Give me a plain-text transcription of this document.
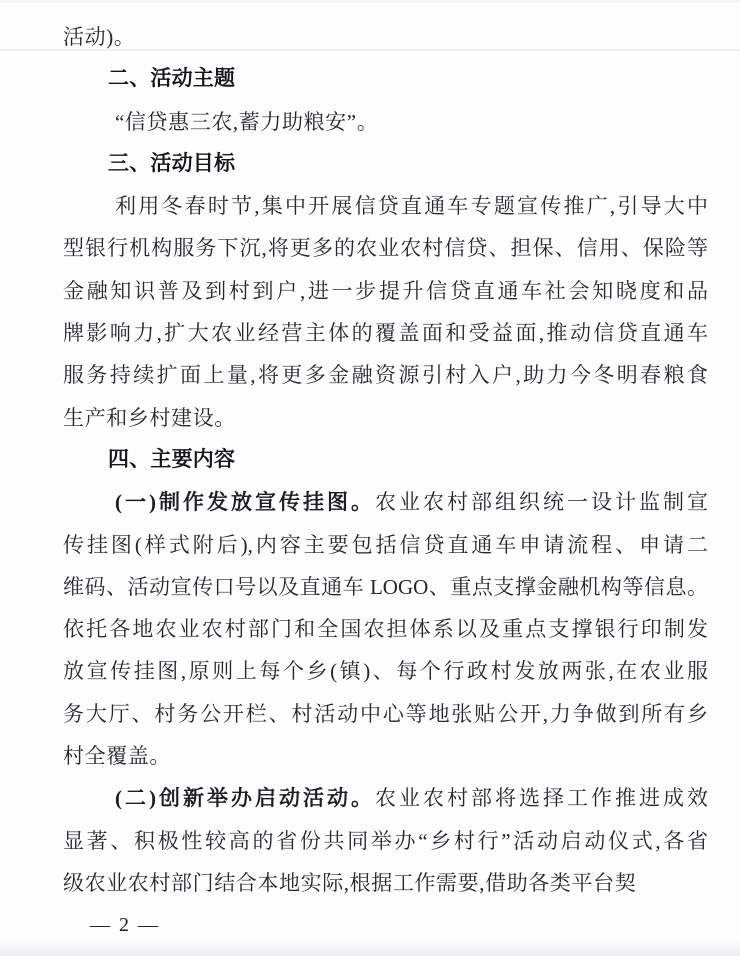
活动)。
二、活动主题
“信贷惠三农,蓄力助粮安”。
三、活动目标
利用冬春时节,集中开展信贷直通车专题宣传推广,引导大中
型银行机构服务下沉,将更多的农业农村信贷、担保、信用、保险等
金融知识普及到村到户,进一步提升信贷直通车社会知晓度和品
牌影响力,扩大农业经营主体的覆盖面和受益面,推动信贷直通车
服务持续扩面上量,将更多金融资源引村入户,助力今冬明春粮食
生产和乡村建设。
四、主要内容
(一)制作发放宣传挂图。农业农村部组织统一设计监制宣
传挂图(样式附后),内容主要包括信贷直通车申请流程、申请二
维码、活动宣传口号以及直通车 LOGO、重点支撑金融机构等信息。
依托各地农业农村部门和全国农担体系以及重点支撑银行印制发
放宣传挂图,原则上每个乡(镇)、每个行政村发放两张,在农业服
务大厅、村务公开栏、村活动中心等地张贴公开,力争做到所有乡
村全覆盖。
(二)创新举办启动活动。农业农村部将选择工作推进成效
显著、积极性较高的省份共同举办“乡村行”活动启动仪式,各省
级农业农村部门结合本地实际,根据工作需要,借助各类平台契
— 2 —
